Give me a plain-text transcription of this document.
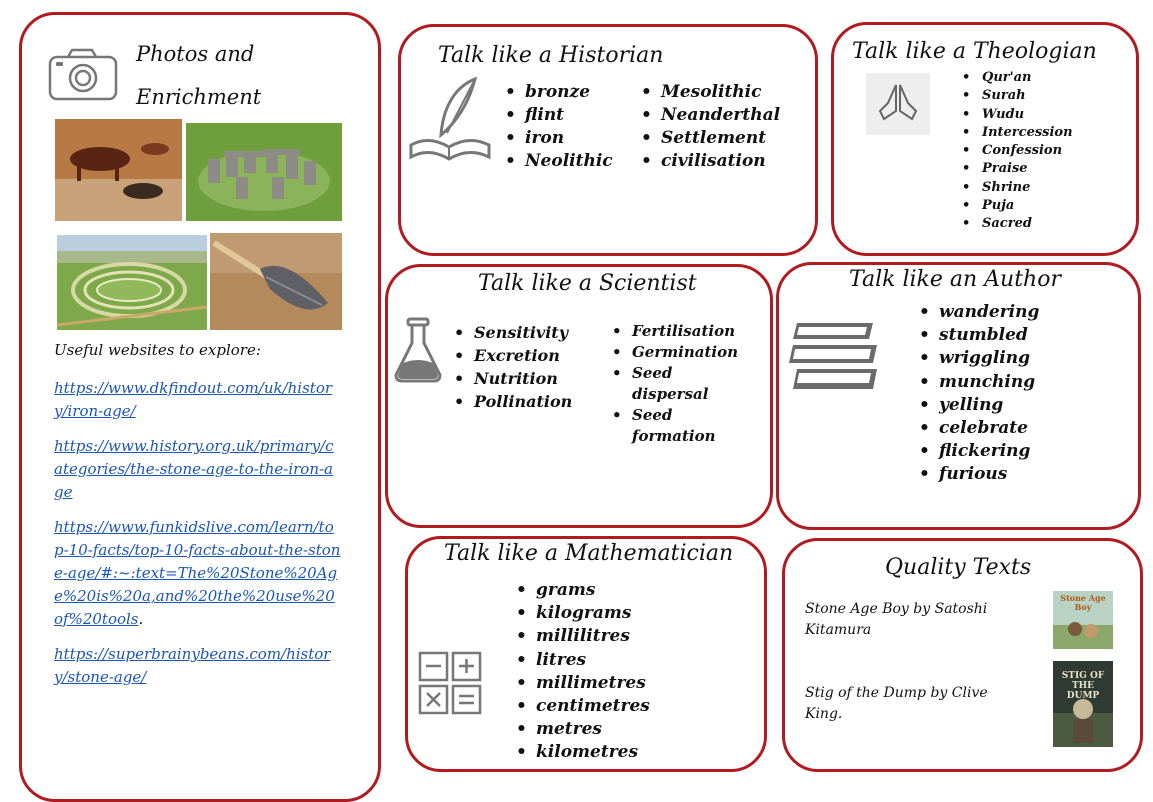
Photos and
Enrichment
Useful websites to explore:
https://www.dkfindout.com/uk/history/iron-age/
https://www.history.org.uk/primary/categories/the-stone-age-to-the-iron-age
https://www.funkidslive.com/learn/top-10-facts/top-10-facts-about-the-stone-age/#:~:text=The%20Stone%20Age%20is%20a,and%20the%20use%20of%20tools.
https://superbrainybeans.com/history/stone-age/
Talk like a Historian
• bronze
• flint
• iron
• Neolithic
• Mesolithic
• Neanderthal
• Settlement
• civilisation
Talk like a Theologian
• Qur'an
• Surah
• Wudu
• Intercession
• Confession
• Praise
• Shrine
• Puja
• Sacred
Talk like a Scientist
• Sensitivity
• Excretion
• Nutrition
• Pollination
• Fertilisation
• Germination
• Seed dispersal
• Seed formation
Talk like an Author
• wandering
• stumbled
• wriggling
• munching
• yelling
• celebrate
• flickering
• furious
Talk like a Mathematician
• grams
• kilograms
• millilitres
• litres
• millimetres
• centimetres
• metres
• kilometres
Quality Texts
Stone Age Boy by Satoshi Kitamura
Stone Age Boy
Stig of the Dump by Clive King.
STIG OF THE DUMP
